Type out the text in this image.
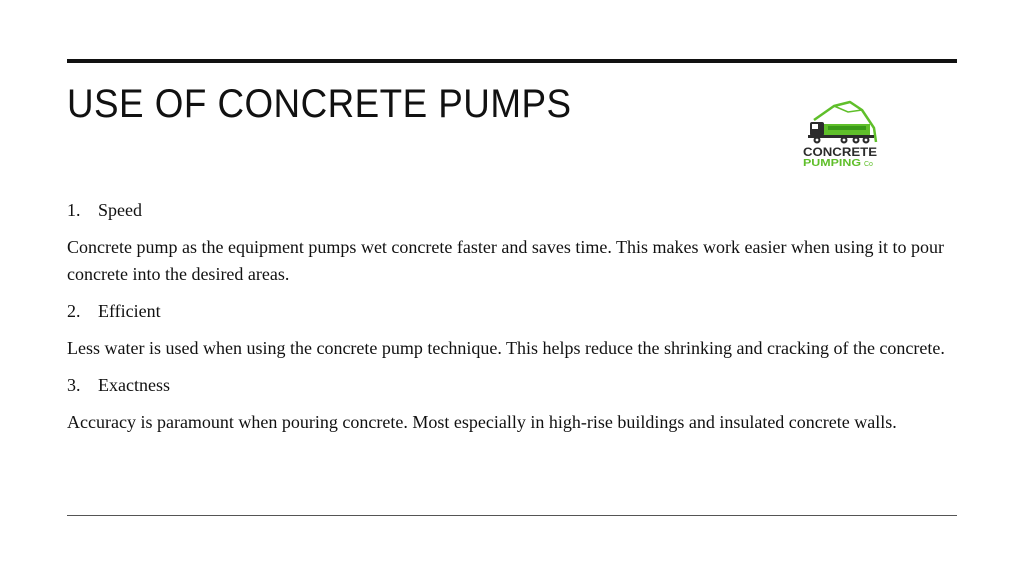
USE OF CONCRETE PUMPS
CONCRETE
PUMPING Co
1. Speed

Concrete pump as the equipment pumps wet concrete faster and saves time. This makes work easier when using it to pour concrete into the desired areas.

2. Efficient

Less water is used when using the concrete pump technique. This helps reduce the shrinking and cracking of the concrete.

3. Exactness

Accuracy is paramount when pouring concrete. Most especially in high-rise buildings and insulated concrete walls.
